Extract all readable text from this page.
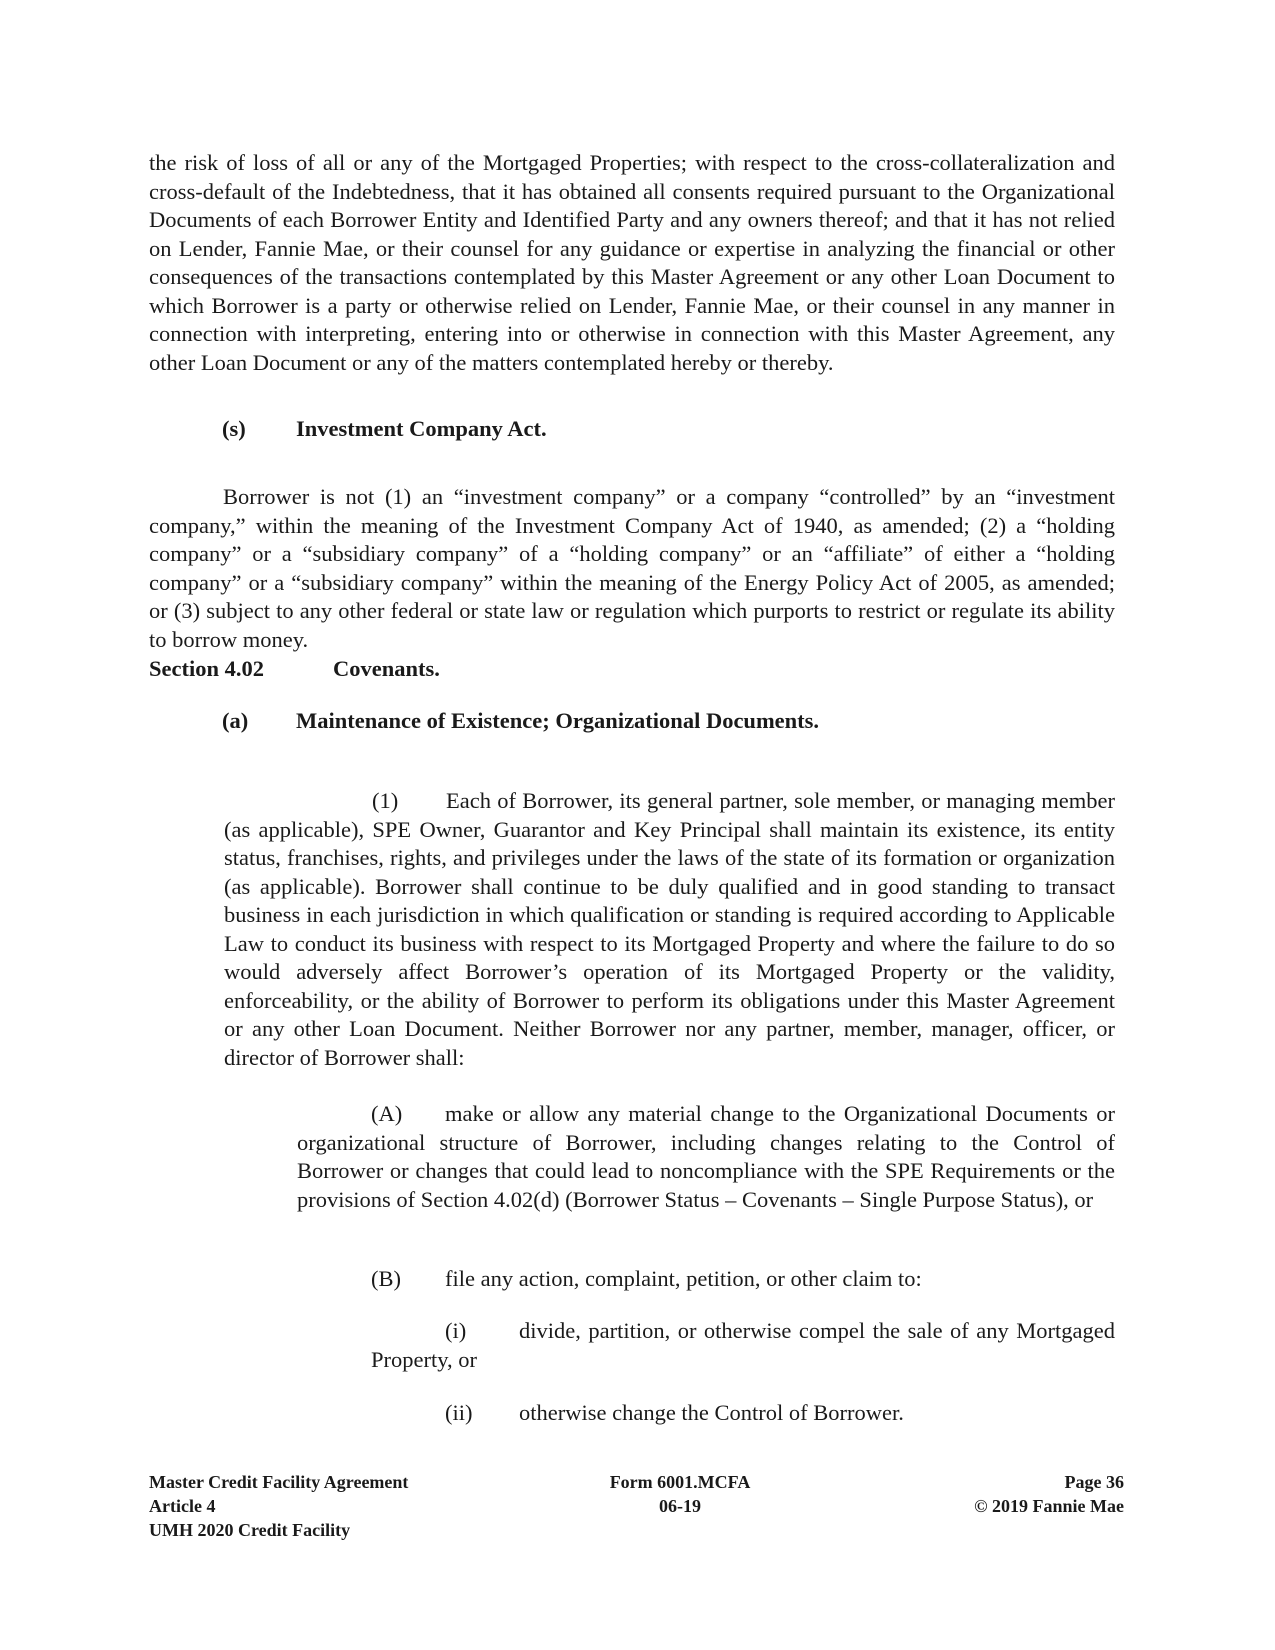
the risk of loss of all or any of the Mortgaged Properties; with respect to the cross-collateralization and cross-default of the Indebtedness, that it has obtained all consents required pursuant to the Organizational Documents of each Borrower Entity and Identified Party and any owners thereof; and that it has not relied on Lender, Fannie Mae, or their counsel for any guidance or expertise in analyzing the financial or other consequences of the transactions contemplated by this Master Agreement or any other Loan Document to which Borrower is a party or otherwise relied on Lender, Fannie Mae, or their counsel in any manner in connection with interpreting, entering into or otherwise in connection with this Master Agreement, any other Loan Document or any of the matters contemplated hereby or thereby.

(s) Investment Company Act.

Borrower is not (1) an “investment company” or a company “controlled” by an “investment company,” within the meaning of the Investment Company Act of 1940, as amended; (2) a “holding company” or a “subsidiary company” of a “holding company” or an “affiliate” of either a “holding company” or a “subsidiary company” within the meaning of the Energy Policy Act of 2005, as amended; or (3) subject to any other federal or state law or regulation which purports to restrict or regulate its ability to borrow money.

Section 4.02	Covenants.
(a) Maintenance of Existence; Organizational Documents.

(1) Each of Borrower, its general partner, sole member, or managing member (as applicable), SPE Owner, Guarantor and Key Principal shall maintain its existence, its entity status, franchises, rights, and privileges under the laws of the state of its formation or organization (as applicable). Borrower shall continue to be duly qualified and in good standing to transact business in each jurisdiction in which qualification or standing is required according to Applicable Law to conduct its business with respect to its Mortgaged Property and where the failure to do so would adversely affect Borrower’s operation of its Mortgaged Property or the validity, enforceability, or the ability of Borrower to perform its obligations under this Master Agreement or any other Loan Document. Neither Borrower nor any partner, member, manager, officer, or director of Borrower shall:

(A) make or allow any material change to the Organizational Documents or organizational structure of Borrower, including changes relating to the Control of Borrower or changes that could lead to noncompliance with the SPE Requirements or the provisions of Section 4.02(d) (Borrower Status – Covenants – Single Purpose Status), or

(B) file any action, complaint, petition, or other claim to:

(i) divide, partition, or otherwise compel the sale of any Mortgaged Property, or

(ii) otherwise change the Control of Borrower.

Master Credit Facility Agreement
Article 4
UMH 2020 Credit Facility
Form 6001.MCFA
06-19
Page 36
© 2019 Fannie Mae
